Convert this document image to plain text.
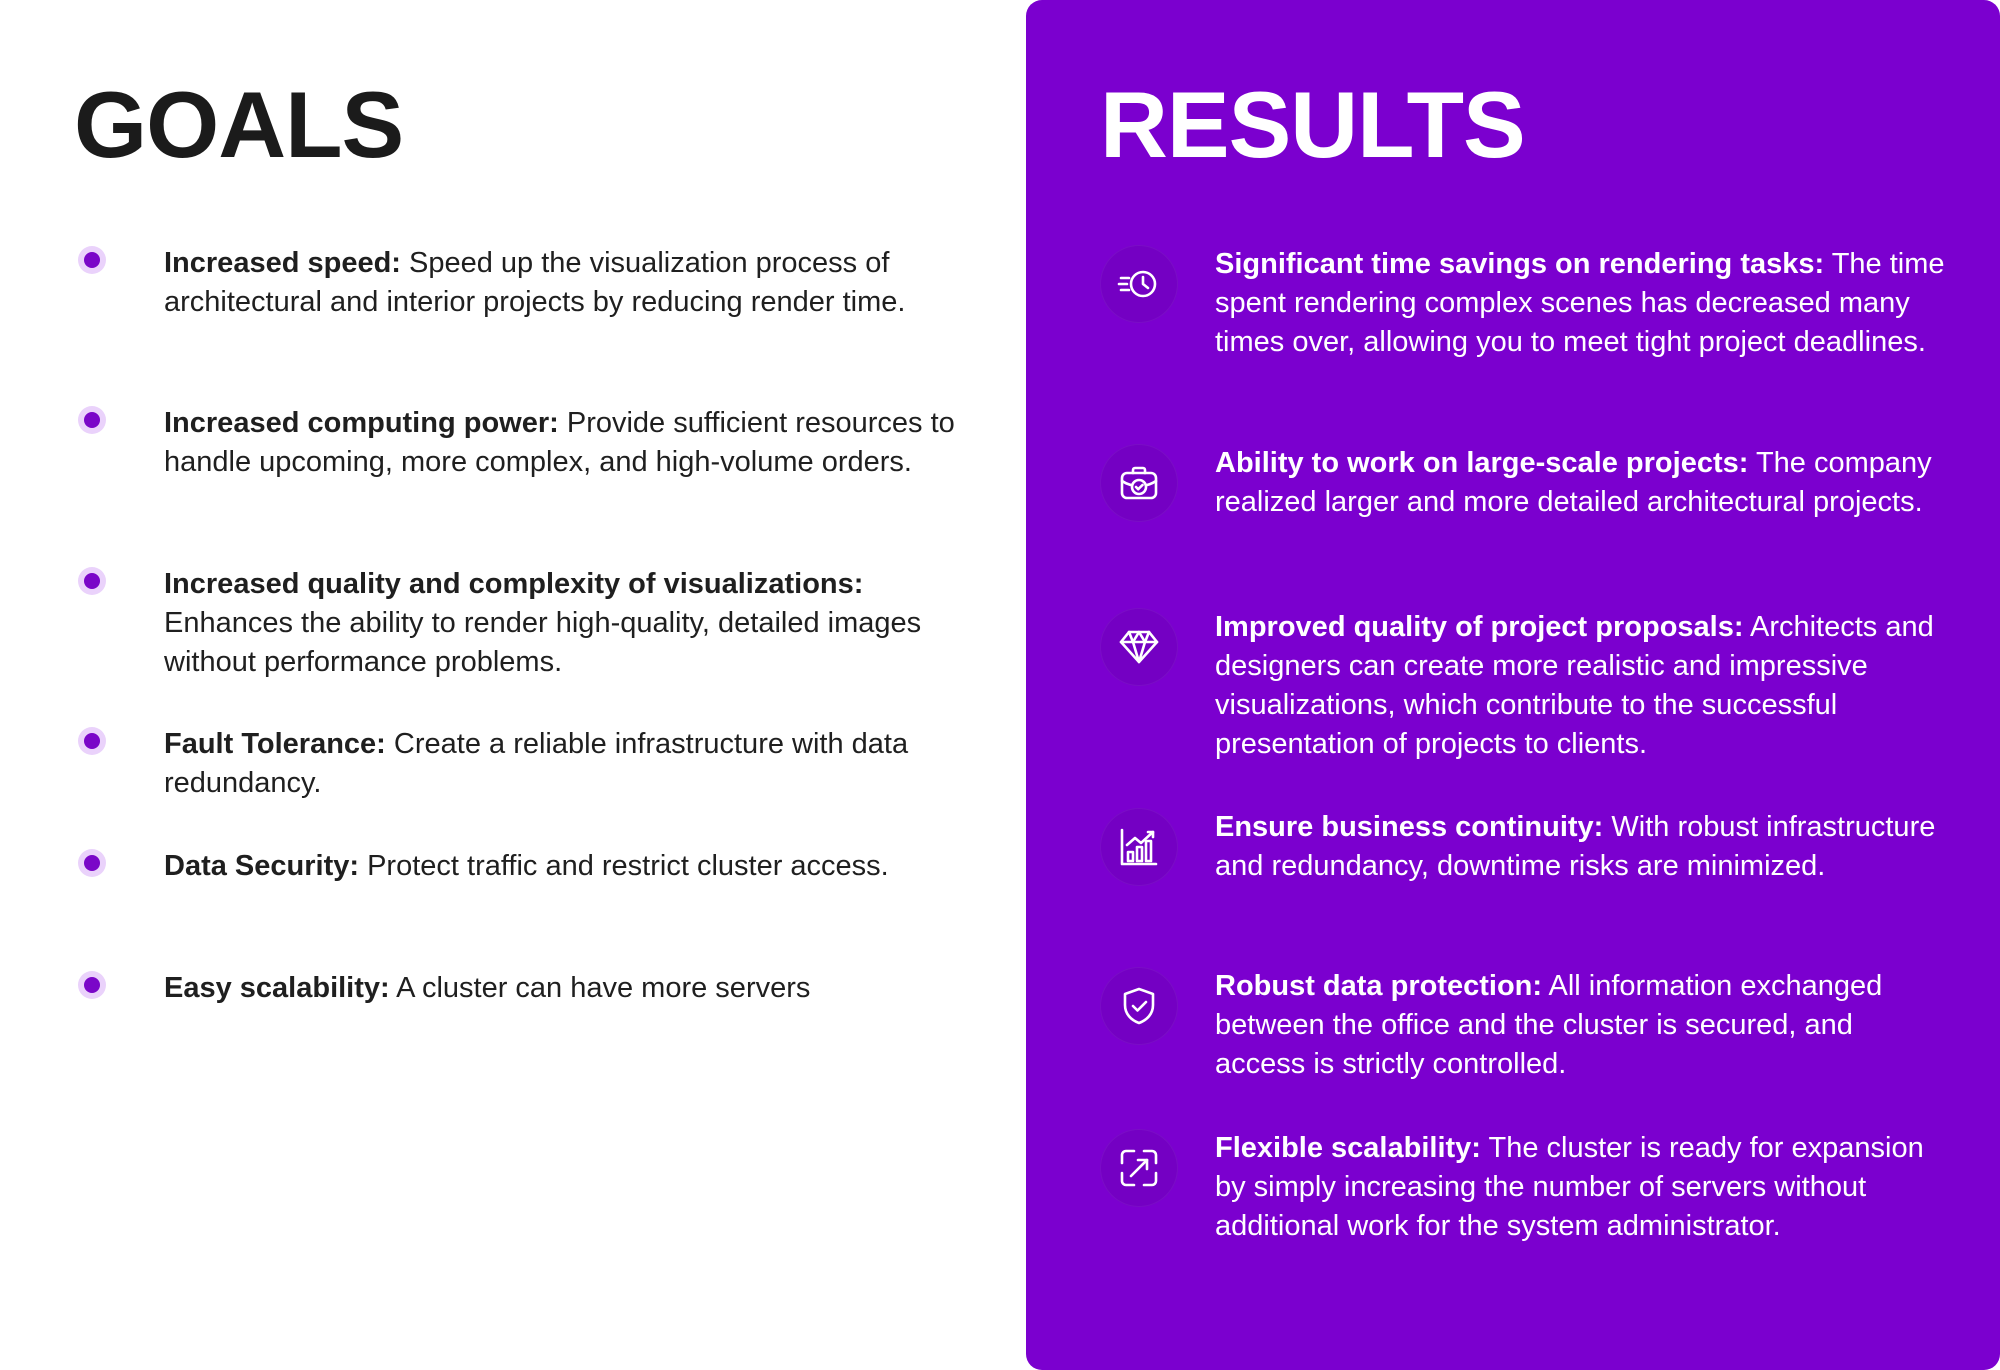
GOALS

Increased speed: Speed up the visualization process of architectural and interior projects by reducing render time.

Increased computing power: Provide sufficient resources to handle upcoming, more complex, and high-volume orders.

Increased quality and complexity of visualizations: Enhances the ability to render high-quality, detailed images without performance problems.

Fault Tolerance: Create a reliable infrastructure with data redundancy.

Data Security: Protect traffic and restrict cluster access.

Easy scalability: A cluster can have more servers

RESULTS

Significant time savings on rendering tasks: The time spent rendering complex scenes has decreased many times over, allowing you to meet tight project deadlines.

Ability to work on large-scale projects: The company realized larger and more detailed architectural projects.

Improved quality of project proposals: Architects and designers can create more realistic and impressive visualizations, which contribute to the successful presentation of projects to clients.

Ensure business continuity: With robust infrastructure and redundancy, downtime risks are minimized.

Robust data protection: All information exchanged between the office and the cluster is secured, and access is strictly controlled.

Flexible scalability: The cluster is ready for expansion by simply increasing the number of servers without additional work for the system administrator.
